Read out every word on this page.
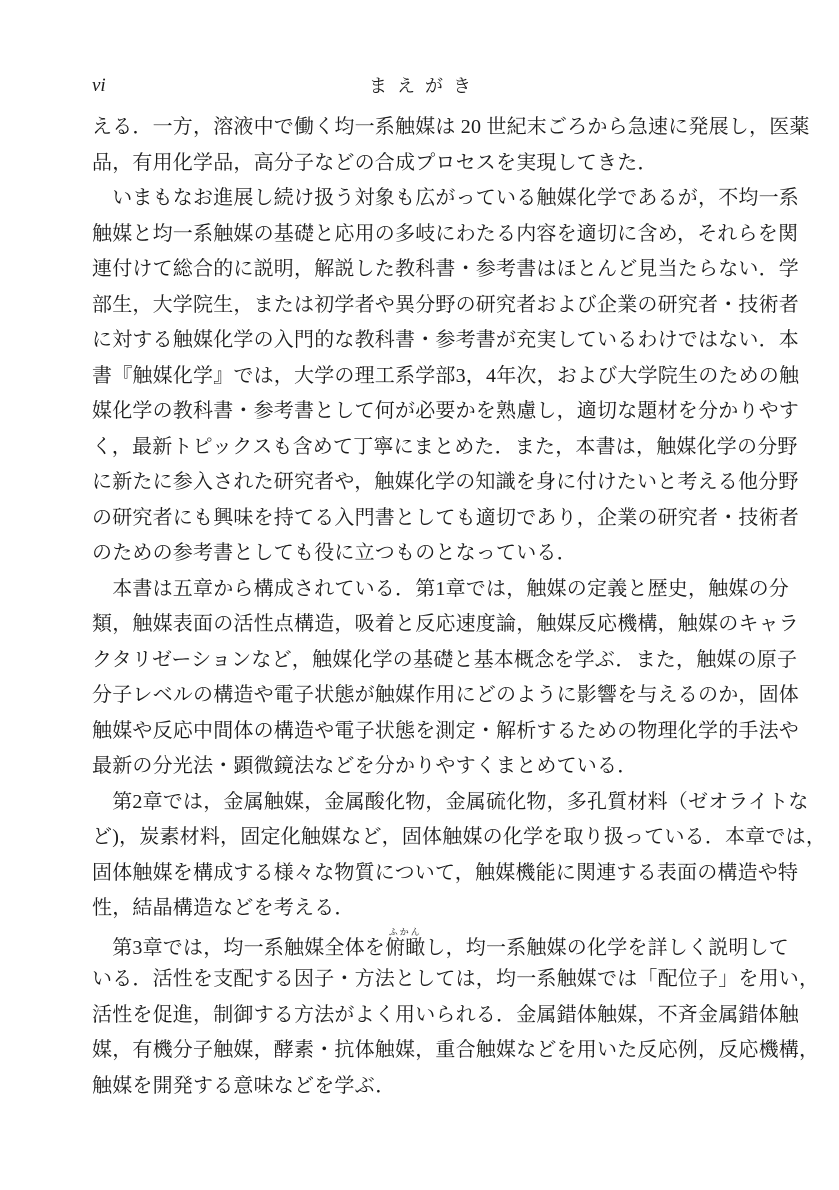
vi	まえがき
える．一方，溶液中で働く均一系触媒は 20 世紀末ごろから急速に発展し，医薬
品，有用化学品，高分子などの合成プロセスを実現してきた．
　いまもなお進展し続け扱う対象も広がっている触媒化学であるが，不均一系
触媒と均一系触媒の基礎と応用の多岐にわたる内容を適切に含め，それらを関
連付けて総合的に説明，解説した教科書・参考書はほとんど見当たらない．学
部生，大学院生，または初学者や異分野の研究者および企業の研究者・技術者
に対する触媒化学の入門的な教科書・参考書が充実しているわけではない．本
書『触媒化学』では，大学の理工系学部3，4年次，および大学院生のための触
媒化学の教科書・参考書として何が必要かを熟慮し，適切な題材を分かりやす
く，最新トピックスも含めて丁寧にまとめた．また，本書は，触媒化学の分野
に新たに参入された研究者や，触媒化学の知識を身に付けたいと考える他分野
の研究者にも興味を持てる入門書としても適切であり，企業の研究者・技術者
のための参考書としても役に立つものとなっている．
　本書は五章から構成されている．第1章では，触媒の定義と歴史，触媒の分
類，触媒表面の活性点構造，吸着と反応速度論，触媒反応機構，触媒のキャラ
クタリゼーションなど，触媒化学の基礎と基本概念を学ぶ．また，触媒の原子
分子レベルの構造や電子状態が触媒作用にどのように影響を与えるのか，固体
触媒や反応中間体の構造や電子状態を測定・解析するための物理化学的手法や
最新の分光法・顕微鏡法などを分かりやすくまとめている．
　第2章では，金属触媒，金属酸化物，金属硫化物，多孔質材料（ゼオライトな
ど)，炭素材料，固定化触媒など，固体触媒の化学を取り扱っている．本章では，
固体触媒を構成する様々な物質について，触媒機能に関連する表面の構造や特
性，結晶構造などを考える．
　第3章では，均一系触媒全体を俯瞰ふかんし，均一系触媒の化学を詳しく説明して
いる．活性を支配する因子・方法としては，均一系触媒では「配位子」を用い，
活性を促進，制御する方法がよく用いられる．金属錯体触媒，不斉金属錯体触
媒，有機分子触媒，酵素・抗体触媒，重合触媒などを用いた反応例，反応機構，
触媒を開発する意味などを学ぶ．
